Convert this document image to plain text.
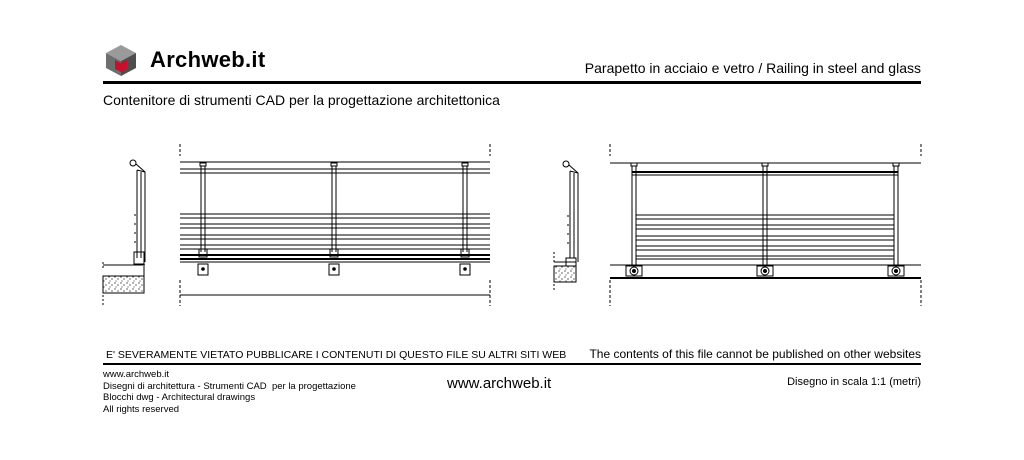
Archweb.it	Parapetto in acciaio e vetro / Railing in steel and glass
Contenitore di strumenti CAD per la progettazione architettonica
E' SEVERAMENTE VIETATO PUBBLICARE I CONTENUTI DI QUESTO FILE SU ALTRI SITI WEB The contents of this file cannot be published on other websites
www.archweb.it
Disegni di architettura - Strumenti CAD  per la progettazione
Blocchi dwg - Architectural drawings
All rights reserved
www.archweb.it	Disegno in scala 1:1 (metri)
